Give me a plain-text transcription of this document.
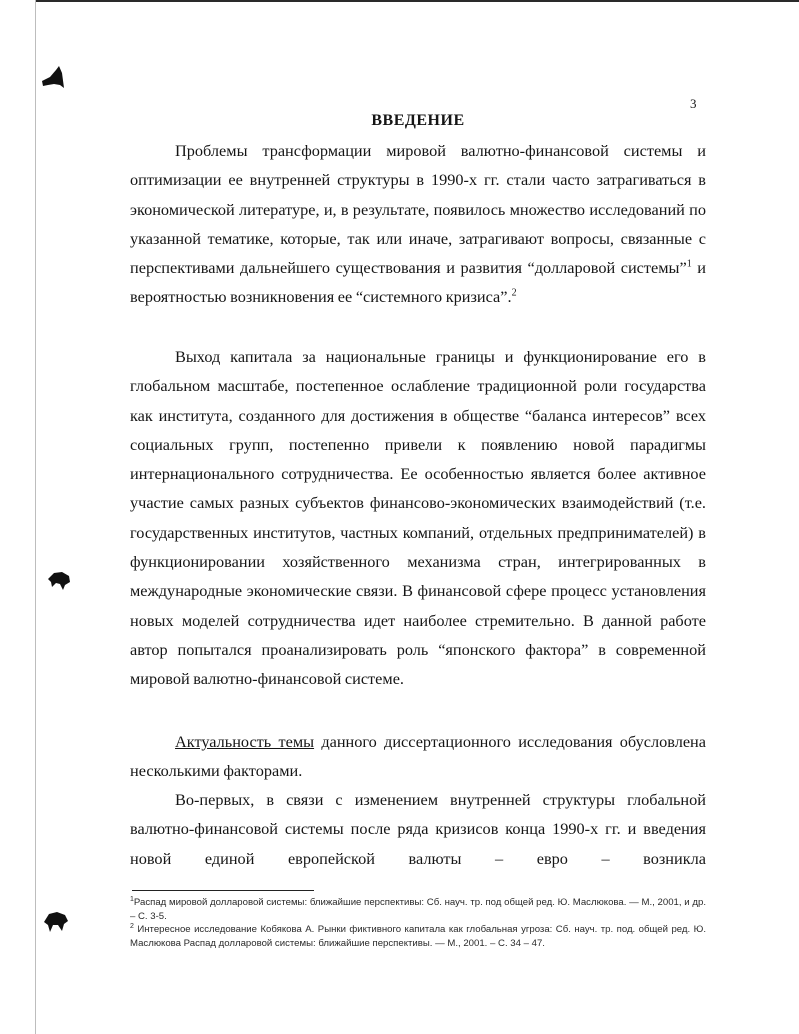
3
ВВЕДЕНИЕ

Проблемы трансформации мировой валютно-финансовой системы и оптимизации ее внутренней структуры в 1990-х гг. стали часто затрагиваться в экономической литературе, и, в результате, появилось множество исследований по указанной тематике, которые, так или иначе, затрагивают вопросы, связанные с перспективами дальнейшего существования и развития “долларовой системы”$^1$ и вероятностью возникновения ее “системного кризиса”.$^2$

Выход капитала за национальные границы и функционирование его в глобальном масштабе, постепенное ослабление традиционной роли государства как института, созданного для достижения в обществе “баланса интересов” всех социальных групп, постепенно привели к появлению новой парадигмы интернационального сотрудничества. Ее особенностью является более активное участие самых разных субъектов финансово-экономических взаимодействий (т.е. государственных институтов, частных компаний, отдельных предпринимателей) в функционировании хозяйственного механизма стран, интегрированных в международные экономические связи. В финансовой сфере процесс установления новых моделей сотрудничества идет наиболее стремительно. В данной работе автор попытался проанализировать роль “японского фактора” в современной мировой валютно-финансовой системе.

Актуальность темы данного диссертационного исследования обусловлена несколькими факторами.

Во-первых, в связи с изменением внутренней структуры глобальной валютно-финансовой системы после ряда кризисов конца 1990-х гг. и введения новой единой европейской валюты – евро – возникла

$^1$Распад мировой долларовой системы: ближайшие перспективы: Сб. науч. тр. под общей ред. Ю. Маслюкова. — М., 2001, и др. – С. 3-5.

$^2$ Интересное исследование Кобякова А. Рынки фиктивного капитала как глобальная угроза: Сб. науч. тр. под. общей ред. Ю. Маслюкова Распад долларовой системы: ближайшие перспективы. — М., 2001. – С. 34 – 47.
